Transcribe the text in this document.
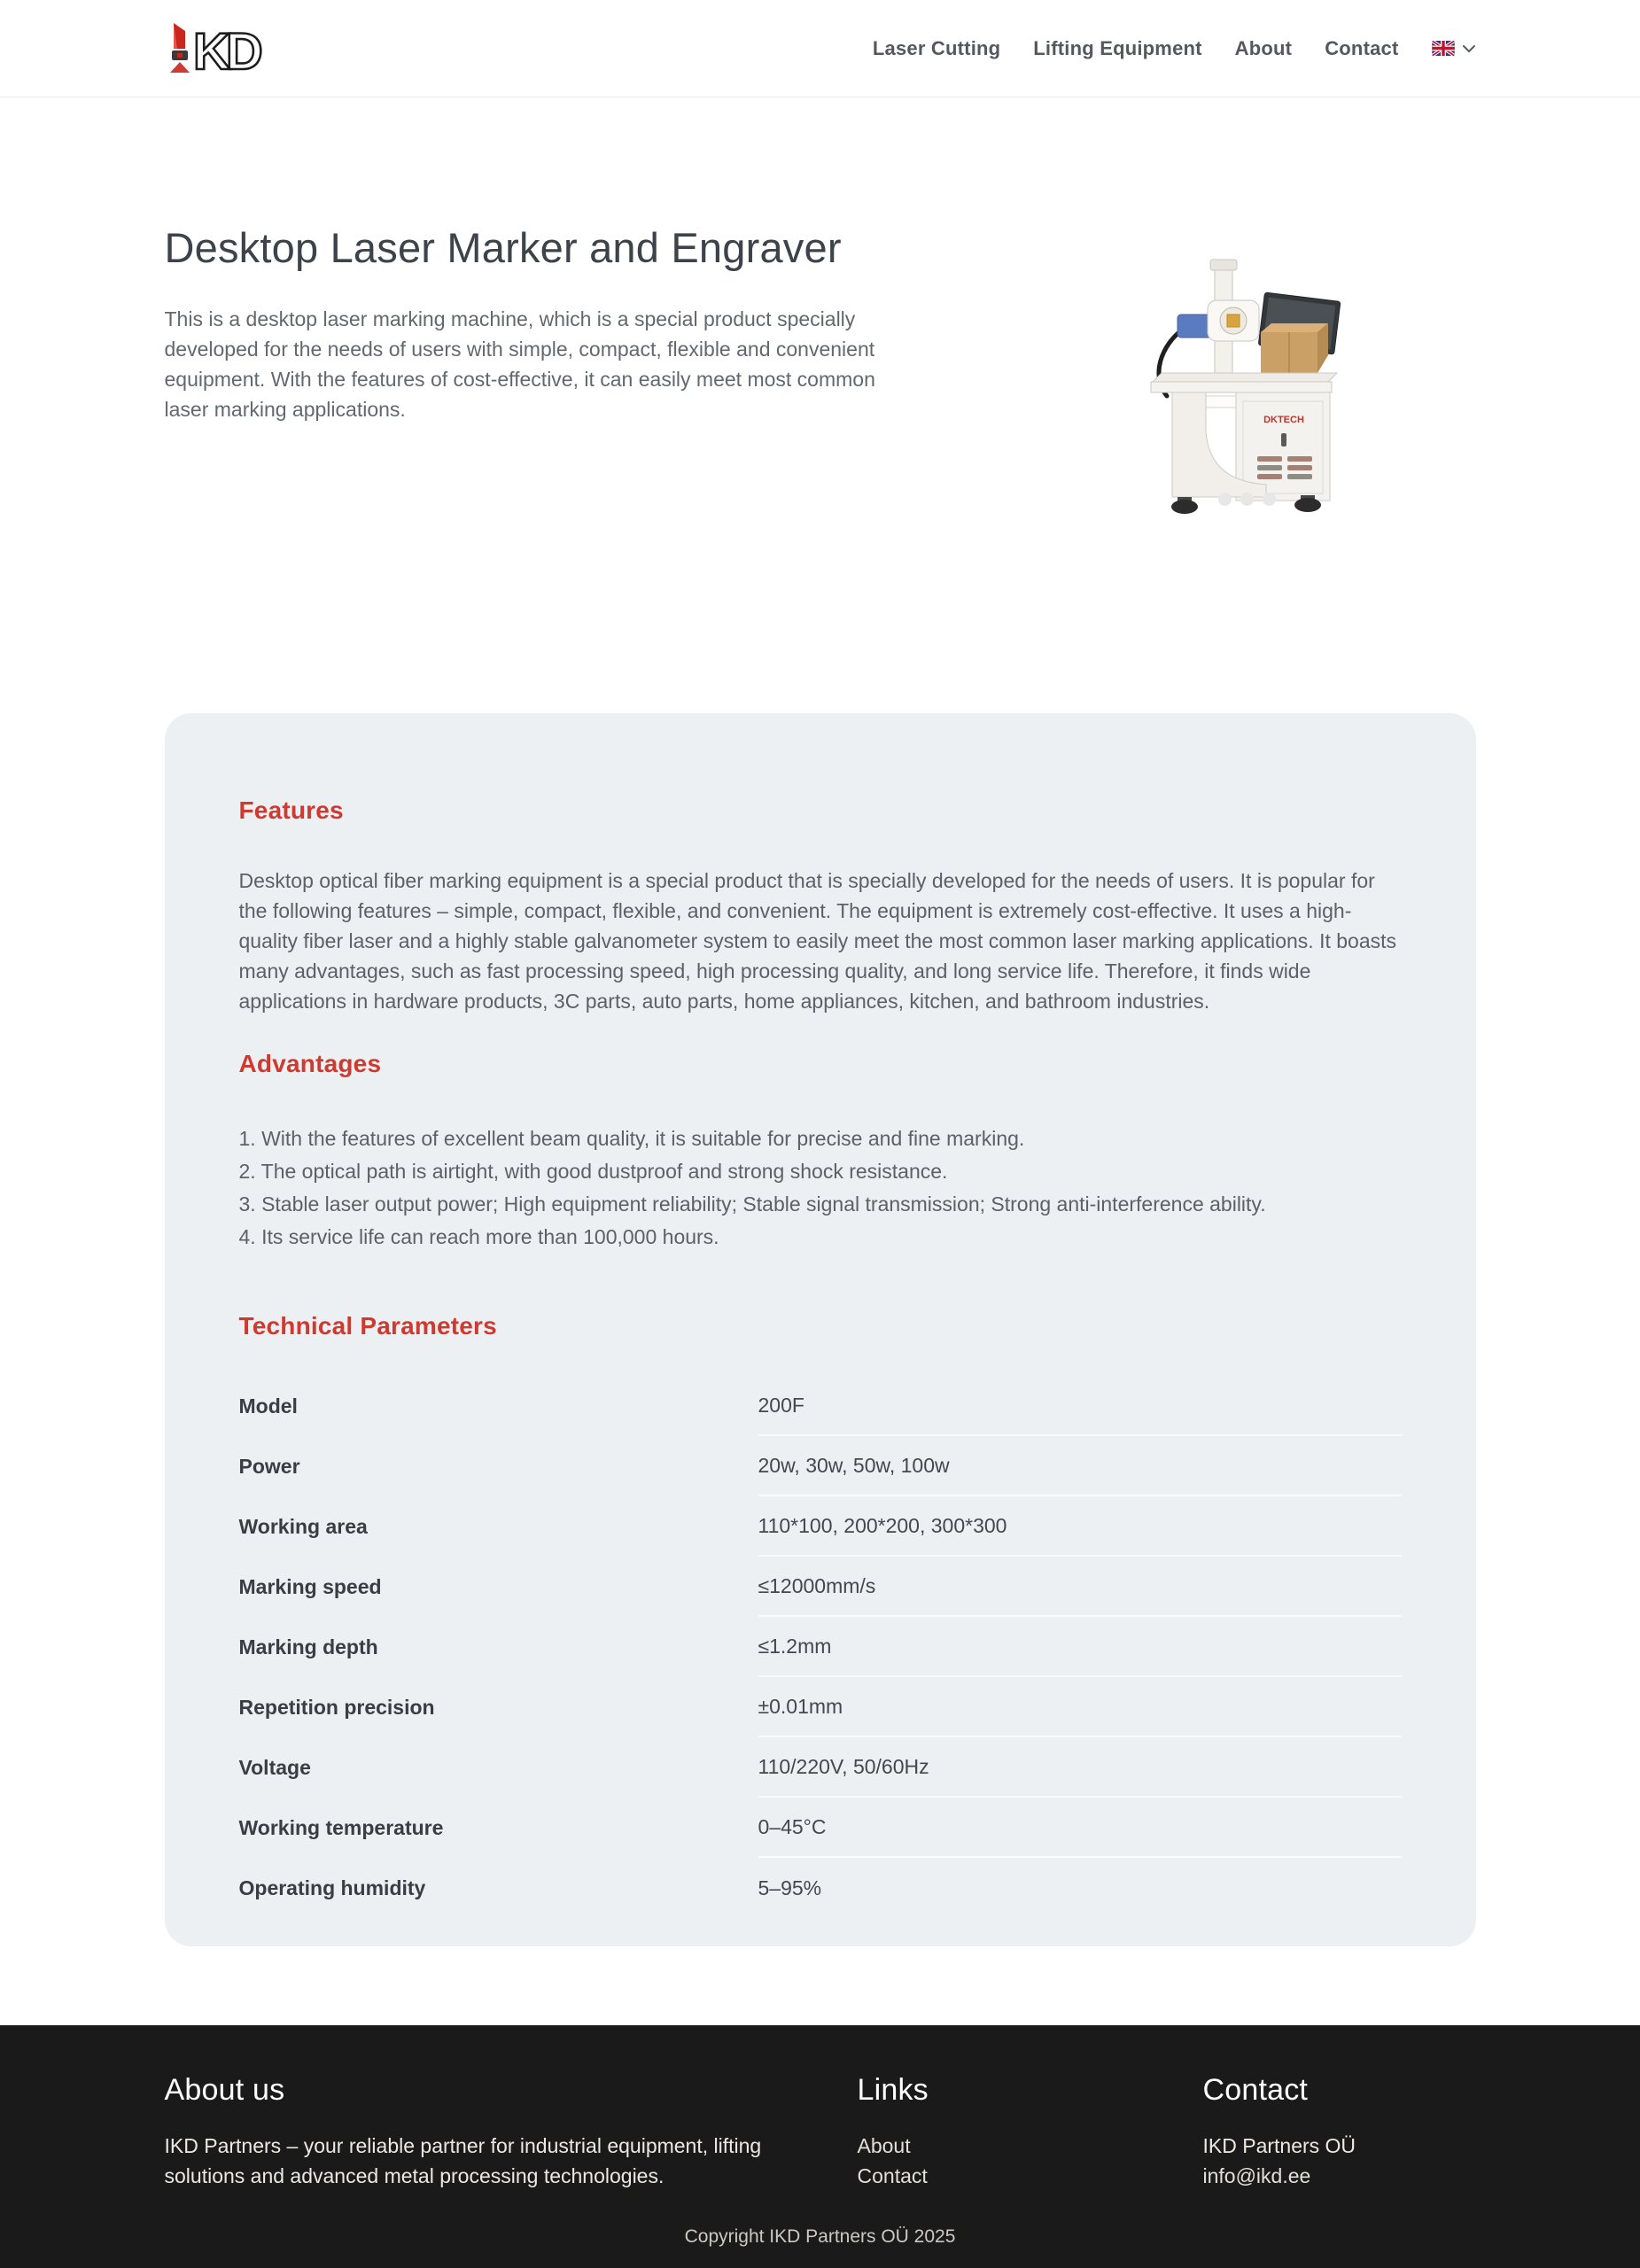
KD	Laser Cutting Lifting Equipment About Contact
Desktop Laser Marker and Engraver

This is a desktop laser marking machine, which is a special product specially developed for the needs of users with simple, compact, flexible and convenient equipment. With the features of cost-effective, it can easily meet most common laser marking applications.	DKTECH
Features

Desktop optical fiber marking equipment is a special product that is specially developed for the needs of users. It is popular for the following features – simple, compact, flexible, and convenient. The equipment is extremely cost-effective. It uses a high-quality fiber laser and a highly stable galvanometer system to easily meet the most common laser marking applications. It boasts many advantages, such as fast processing speed, high processing quality, and long service life. Therefore, it finds wide applications in hardware products, 3C parts, auto parts, home appliances, kitchen, and bathroom industries.

Advantages
1. With the features of excellent beam quality, it is suitable for precise and fine marking.
2. The optical path is airtight, with good dustproof and strong shock resistance.
3. Stable laser output power; High equipment reliability; Stable signal transmission; Strong anti-interference ability.
4. Its service life can reach more than 100,000 hours.
Technical Parameters
Model	200F
Power	20w, 30w, 50w, 100w
Working area	110*100, 200*200, 300*300
Marking speed	≤12000mm/s
Marking depth	≤1.2mm
Repetition precision	±0.01mm
Voltage	110/220V, 50/60Hz
Working temperature	0–45°C
Operating humidity	5–95%
About us

IKD Partners – your reliable partner for industrial equipment, lifting solutions and advanced metal processing technologies.

Links
About
Contact
Contact
IKD Partners OÜ
info@ikd.ee
Copyright IKD Partners OÜ 2025
